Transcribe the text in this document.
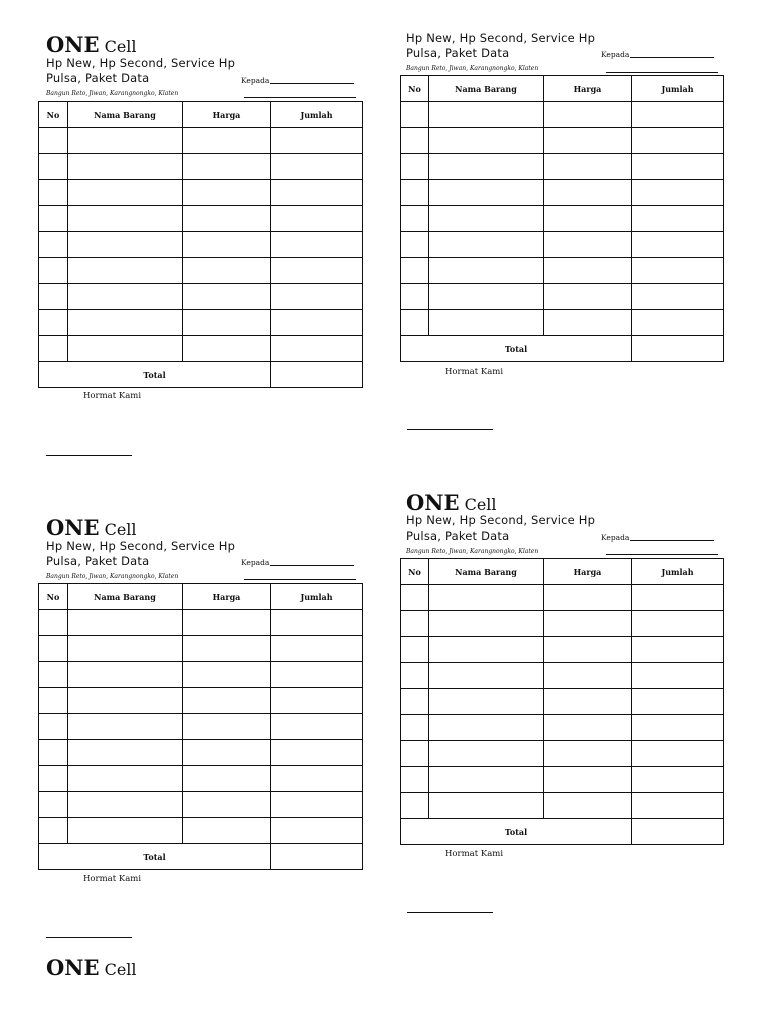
ONE Cell
Hp New, Hp Second, Service Hp
Pulsa, Paket Data	Kepada
Bangun Reto, Jiwan, Karangnongko, Klaten
No	Nama Barang	Harga	Jumlah

Total			
Hormat Kami
Hp New, Hp Second, Service Hp
Pulsa, Paket Data	Kepada
Bangun Reto, Jiwan, Karangnongko, Klaten
No	Nama Barang	Harga	Jumlah

Total			
Hormat Kami
ONE Cell
Hp New, Hp Second, Service Hp
Pulsa, Paket Data	Kepada
Bangun Reto, Jiwan, Karangnongko, Klaten
No	Nama Barang	Harga	Jumlah

Total			
Hormat Kami
ONE Cell
Hp New, Hp Second, Service Hp
Pulsa, Paket Data	Kepada
Bangun Reto, Jiwan, Karangnongko, Klaten
No	Nama Barang	Harga	Jumlah

Total			
Hormat Kami
ONE Cell
